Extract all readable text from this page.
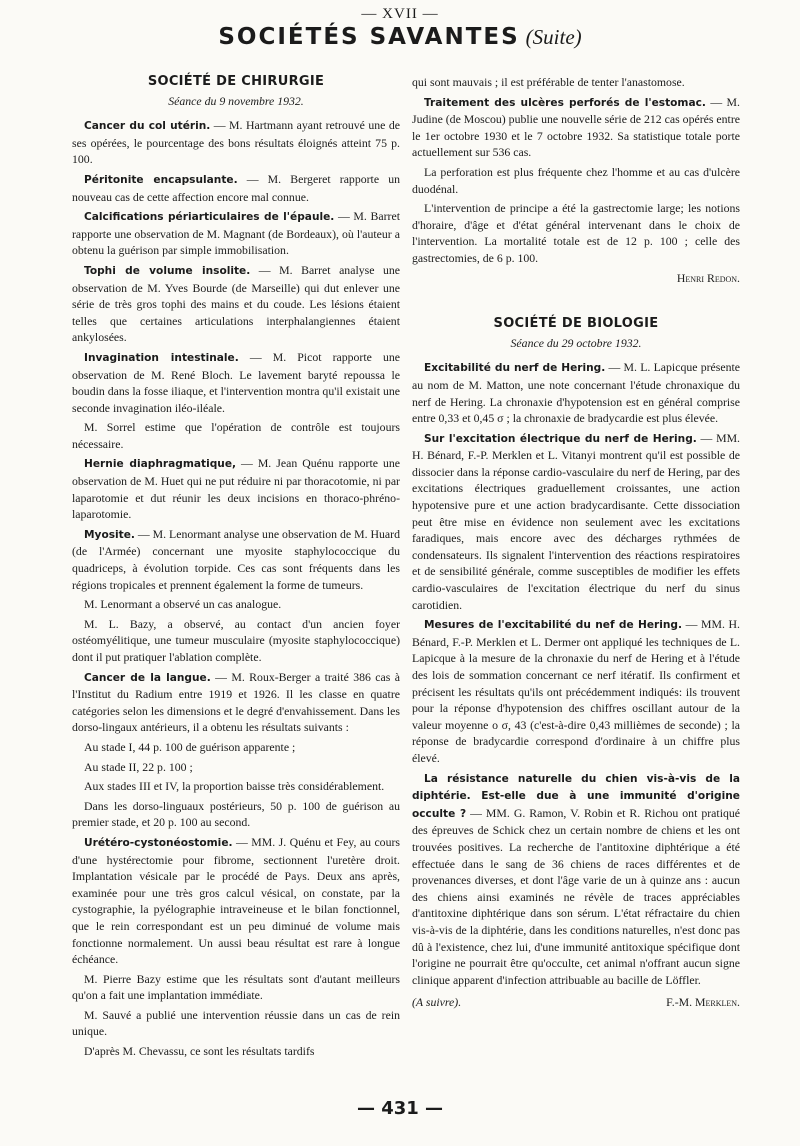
— XVII —
SOCIÉTÉS SAVANTES (Suite)
SOCIÉTÉ DE CHIRURGIE
Séance du 9 novembre 1932.

Cancer du col utérin. — M. Hartmann ayant retrouvé une de ses opérées, le pourcentage des bons résultats éloignés atteint 75 p. 100.

Péritonite encapsulante. — M. Bergeret rapporte un nouveau cas de cette affection encore mal connue.

Calcifications périarticulaires de l'épaule. — M. Barret rapporte une observation de M. Magnant (de Bordeaux), où l'auteur a obtenu la guérison par simple immobilisation.

Tophi de volume insolite. — M. Barret analyse une observation de M. Yves Bourde (de Marseille) qui dut enlever une série de très gros tophi des mains et du coude. Les lésions étaient telles que certaines articulations interphalangiennes étaient ankylosées.

Invagination intestinale. — M. Picot rapporte une observation de M. René Bloch. Le lavement baryté repoussa le boudin dans la fosse iliaque, et l'intervention montra qu'il existait une seconde invagination iléo-iléale.

M. Sorrel estime que l'opération de contrôle est toujours nécessaire.

Hernie diaphragmatique, — M. Jean Quénu rapporte une observation de M. Huet qui ne put réduire ni par thoracotomie, ni par laparotomie et dut réunir les deux incisions en thoraco-phréno-laparotomie.

Myosite. — M. Lenormant analyse une observation de M. Huard (de l'Armée) concernant une myosite staphylococcique du quadriceps, à évolution torpide. Ces cas sont fréquents dans les régions tropicales et prennent également la forme de tumeurs.

M. Lenormant a observé un cas analogue.

M. L. Bazy, a observé, au contact d'un ancien foyer ostéomyélitique, une tumeur musculaire (myosite staphylococcique) dont il put pratiquer l'ablation complète.

Cancer de la langue. — M. Roux-Berger a traité 386 cas à l'Institut du Radium entre 1919 et 1926. Il les classe en quatre catégories selon les dimensions et le degré d'envahissement. Dans les dorso-lingaux antérieurs, il a obtenu les résultats suivants :

Au stade I, 44 p. 100 de guérison apparente ;

Au stade II, 22 p. 100 ;

Aux stades III et IV, la proportion baisse très considérablement.

Dans les dorso-linguaux postérieurs, 50 p. 100 de guérison au premier stade, et 20 p. 100 au second.

Urétéro-cystonéostomie. — MM. J. Quénu et Fey, au cours d'une hystérectomie pour fibrome, sectionnent l'uretère droit. Implantation vésicale par le procédé de Pays. Deux ans après, examinée pour une très gros calcul vésical, on constate, par la cystographie, la pyélographie intraveineuse et le bilan fonctionnel, que le rein correspondant est un peu diminué de volume mais fonctionne normalement. Un aussi beau résultat est rare à longue échéance.

M. Pierre Bazy estime que les résultats sont d'autant meilleurs qu'on a fait une implantation immédiate.

M. Sauvé a publié une intervention réussie dans un cas de rein unique.

D'après M. Chevassu, ce sont les résultats tardifs

qui sont mauvais ; il est préférable de tenter l'anastomose.

Traitement des ulcères perforés de l'estomac. — M. Judine (de Moscou) publie une nouvelle série de 212 cas opérés entre le 1er octobre 1930 et le 7 octobre 1932. Sa statistique totale porte actuellement sur 536 cas.

La perforation est plus fréquente chez l'homme et au cas d'ulcère duodénal.

L'intervention de principe a été la gastrectomie large; les notions d'horaire, d'âge et d'état général intervenant dans le choix de l'intervention. La mortalité totale est de 12 p. 100 ; celle des gastrectomies, de 6 p. 100.

Henri Redon.
SOCIÉTÉ DE BIOLOGIE
Séance du 29 octobre 1932.

Excitabilité du nerf de Hering. — M. L. Lapicque présente au nom de M. Matton, une note concernant l'étude chronaxique du nerf de Hering. La chronaxie d'hypotension est en général comprise entre 0,33 et 0,45 σ ; la chronaxie de bradycardie est plus élevée.

Sur l'excitation électrique du nerf de Hering. — MM. H. Bénard, F.-P. Merklen et L. Vitanyi montrent qu'il est possible de dissocier dans la réponse cardio-vasculaire du nerf de Hering, par des excitations électriques graduellement croissantes, une action hypotensive pure et une action bradycardisante. Cette dissociation peut être mise en évidence non seulement avec les excitations faradiques, mais encore avec des décharges rythmées de condensateurs. Ils signalent l'intervention des réactions respiratoires et de sensibilité générale, comme susceptibles de modifier les effets cardio-vasculaires de l'excitation électrique du nerf du sinus carotidien.

Mesures de l'excitabilité du nef de Hering. — MM. H. Bénard, F.-P. Merklen et L. Dermer ont appliqué les techniques de L. Lapicque à la mesure de la chronaxie du nerf de Hering et à l'étude des lois de sommation concernant ce nerf itératif. Ils confirment et précisent les résultats qu'ils ont précédemment indiqués: ils trouvent pour la réponse d'hypotension des chiffres oscillant autour de la valeur moyenne o σ, 43 (c'est-à-dire 0,43 millièmes de seconde) ; la réponse de bradycardie correspond d'ordinaire à un chiffre plus élevé.

La résistance naturelle du chien vis-à-vis de la diphtérie. Est-elle due à une immunité d'origine occulte ? — MM. G. Ramon, V. Robin et R. Richou ont pratiqué des épreuves de Schick chez un certain nombre de chiens et les ont trouvées positives. La recherche de l'antitoxine diphtérique a été effectuée dans le sang de 36 chiens de races différentes et de provenances diverses, et dont l'âge varie de un à quinze ans : aucun des chiens ainsi examinés ne révèle de traces appréciables d'antitoxine diphtérique dans son sérum. L'état réfractaire du chien vis-à-vis de la diphtérie, dans les conditions naturelles, n'est donc pas dû à l'existence, chez lui, d'une immunité antitoxique spécifique dont l'origine ne pourrait être qu'occulte, cet animal n'offrant aucun signe clinique apparent d'infection attribuable au bacille de Löffler.

(A suivre).	F.-M. Merklen.
— 431 —
